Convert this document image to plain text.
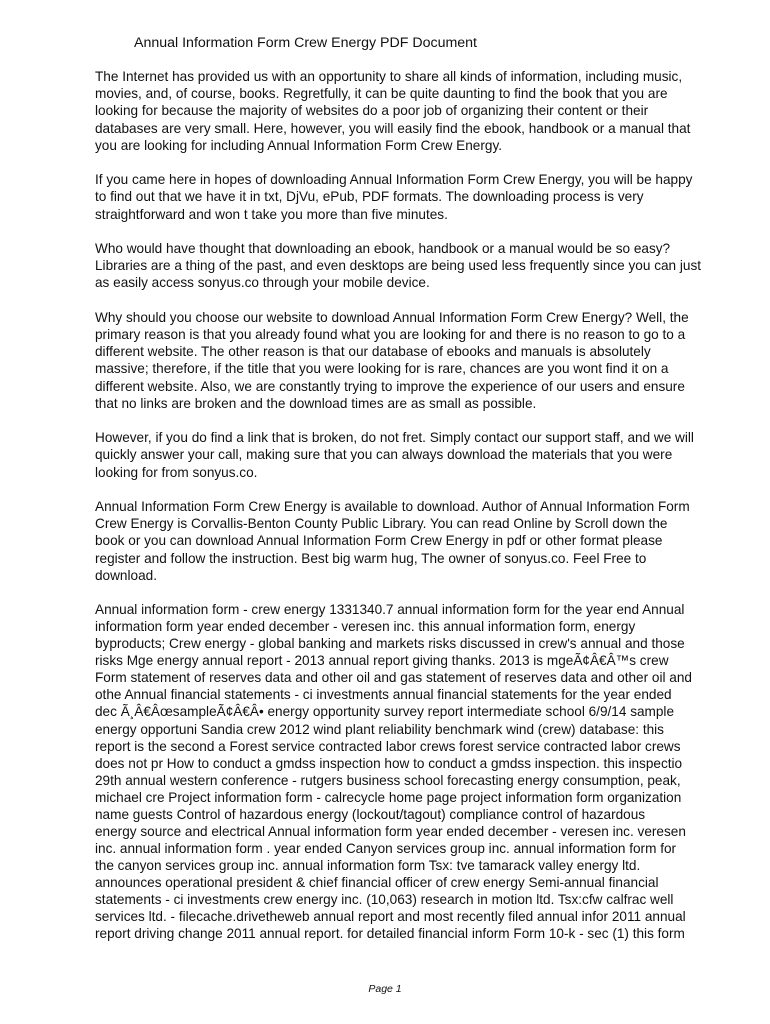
Annual Information Form Crew Energy PDF Document

The Internet has provided us with an opportunity to share all kinds of information, including music,
movies, and, of course, books. Regretfully, it can be quite daunting to find the book that you are
looking for because the majority of websites do a poor job of organizing their content or their
databases are very small. Here, however, you will easily find the ebook, handbook or a manual that
you are looking for including Annual Information Form Crew Energy.

If you came here in hopes of downloading Annual Information Form Crew Energy, you will be happy
to find out that we have it in txt, DjVu, ePub, PDF formats. The downloading process is very
straightforward and won t take you more than five minutes.

Who would have thought that downloading an ebook, handbook or a manual would be so easy?
Libraries are a thing of the past, and even desktops are being used less frequently since you can just
as easily access sonyus.co through your mobile device.

Why should you choose our website to download Annual Information Form Crew Energy? Well, the
primary reason is that you already found what you are looking for and there is no reason to go to a
different website. The other reason is that our database of ebooks and manuals is absolutely
massive; therefore, if the title that you were looking for is rare, chances are you wont find it on a
different website. Also, we are constantly trying to improve the experience of our users and ensure
that no links are broken and the download times are as small as possible.

However, if you do find a link that is broken, do not fret. Simply contact our support staff, and we will
quickly answer your call, making sure that you can always download the materials that you were
looking for from sonyus.co.

Annual Information Form Crew Energy is available to download. Author of Annual Information Form
Crew Energy is Corvallis-Benton County Public Library. You can read Online by Scroll down the
book or you can download Annual Information Form Crew Energy in pdf or other format please
register and follow the instruction. Best big warm hug, The owner of sonyus.co. Feel Free to
download.

Annual information form - crew energy 1331340.7 annual information form for the year end Annual
information form year ended december - veresen inc. this annual information form, energy
byproducts; Crew energy - global banking and markets risks discussed in crew's annual and those
risks Mge energy annual report - 2013 annual report giving thanks. 2013 is mgeÃ¢Â€Â™s crew
Form statement of reserves data and other oil and gas statement of reserves data and other oil and
othe Annual financial statements - ci investments annual financial statements for the year ended
dec Ã¸Â€ÂœsampleÃ¢Â€Â• energy opportunity survey report intermediate school 6/9/14 sample
energy opportuni Sandia crew 2012 wind plant reliability benchmark wind (crew) database: this
report is the second a Forest service contracted labor crews forest service contracted labor crews
does not pr How to conduct a gmdss inspection how to conduct a gmdss inspection. this inspectio
29th annual western conference - rutgers business school forecasting energy consumption, peak,
michael cre Project information form - calrecycle home page project information form organization
name guests Control of hazardous energy (lockout/tagout) compliance control of hazardous
energy source and electrical Annual information form year ended december - veresen inc. veresen
inc. annual information form . year ended Canyon services group inc. annual information form for
the canyon services group inc. annual information form Tsx: tve tamarack valley energy ltd.
announces operational president & chief financial officer of crew energy Semi-annual financial
statements - ci investments crew energy inc. (10,063) research in motion ltd. Tsx:cfw calfrac well
services ltd. - filecache.drivetheweb annual report and most recently filed annual infor 2011 annual
report driving change 2011 annual report. for detailed financial inform Form 10-k - sec (1) this form

Page 1
